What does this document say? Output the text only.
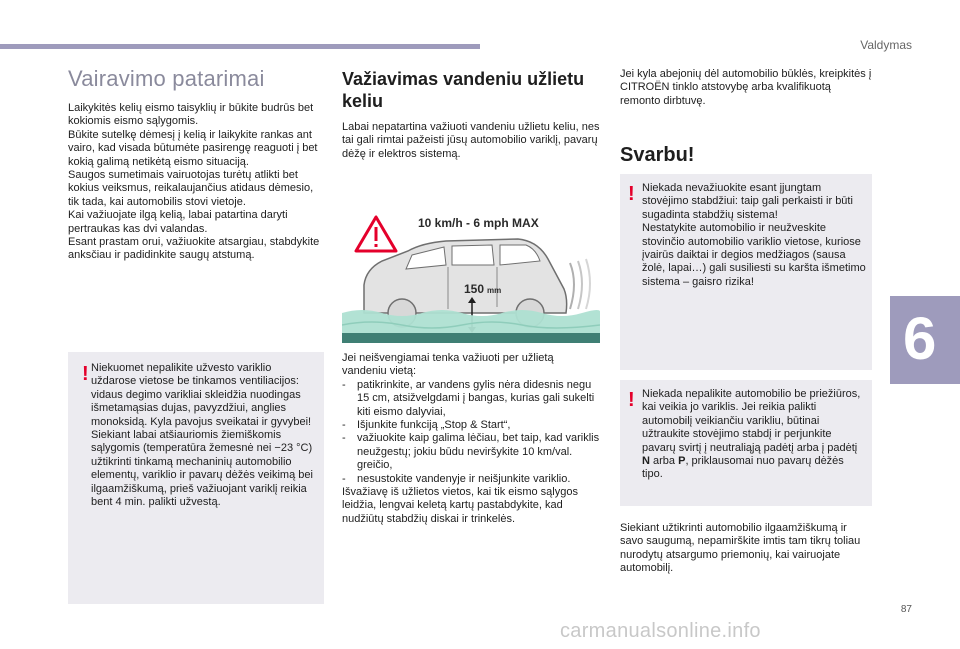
Valdymas
6
Vairavimo patarimai

Laikykitės kelių eismo taisyklių ir būkite budrūs bet kokiomis eismo sąlygomis.
Būkite sutelkę dėmesį į kelią ir laikykite rankas ant vairo, kad visada būtumėte pasirengę reaguoti į bet kokią galimą netikėtą eismo situaciją.
Saugos sumetimais vairuotojas turėtų atlikti bet kokius veiksmus, reikalaujančius atidaus dėmesio, tik tada, kai automobilis stovi vietoje.
Kai važiuojate ilgą kelią, labai patartina daryti pertraukas kas dvi valandas.
Esant prastam orui, važiuokite atsargiau, stabdykite anksčiau ir padidinkite saugų atstumą.

! Niekuomet nepalikite užvesto variklio uždarose vietose be tinkamos ventiliacijos: vidaus degimo varikliai skleidžia nuodingas išmetamąsias dujas, pavyzdžiui, anglies monoksidą. Kyla pavojus sveikatai ir gyvybei!
Siekiant labai atšiauriomis žiemiškomis sąlygomis (temperatūra žemesnė nei −23 °C) užtikrinti tinkamą mechaninių automobilio elementų, variklio ir pavarų dėžės veikimą bei ilgaamžiškumą, prieš važiuojant variklį reikia bent 4 min. palikti užvestą.

Važiavimas vandeniu užlietu keliu

Labai nepatartina važiuoti vandeniu užlietu keliu, nes tai gali rimtai pažeisti jūsų automobilio variklį, pavarų dėžę ir elektros sistemą.

10 km/h - 6 mph MAX
150 mm

Jei neišvengiamai tenka važiuoti per užlietą vandeniu vietą:

- patikrinkite, ar vandens gylis nėra didesnis negu 15 cm, atsižvelgdami į bangas, kurias gali sukelti kiti eismo dalyviai,
- Išjunkite funkciją „Stop & Start“,
- važiuokite kaip galima lėčiau, bet taip, kad variklis neužgestų; jokiu būdu neviršykite 10 km/val. greičio,
- nesustokite vandenyje ir neišjunkite variklio.

Išvažiavę iš užlietos vietos, kai tik eismo sąlygos leidžia, lengvai keletą kartų pastabdykite, kad nudžiūtų stabdžių diskai ir trinkelės.

Jei kyla abejonių dėl automobilio būklės, kreipkitės į CITROËN tinklo atstovybę arba kvalifikuotą remonto dirbtuvę.

Svarbu!
! Niekada nevažiuokite esant įjungtam stovėjimo stabdžiui: taip gali perkaisti ir būti sugadinta stabdžių sistema!
Nestatykite automobilio ir neužveskite stovinčio automobilio variklio vietose, kuriose įvairūs daiktai ir degios medžiagos (sausa žolė, lapai…) gali susiliesti su karšta išmetimo sistema – gaisro rizika!

! Niekada nepalikite automobilio be priežiūros, kai veikia jo variklis. Jei reikia palikti automobilį veikiančiu varikliu, būtinai užtraukite stovėjimo stabdį ir perjunkite pavarų svirtį į neutraliąją padėtį arba į padėtį N arba P, priklausomai nuo pavarų dėžės tipo.

Siekiant užtikrinti automobilio ilgaamžiškumą ir savo saugumą, nepamirškite imtis tam tikrų toliau nurodytų atsargumo priemonių, kai vairuojate automobilį.

87
carmanualsonline.info
